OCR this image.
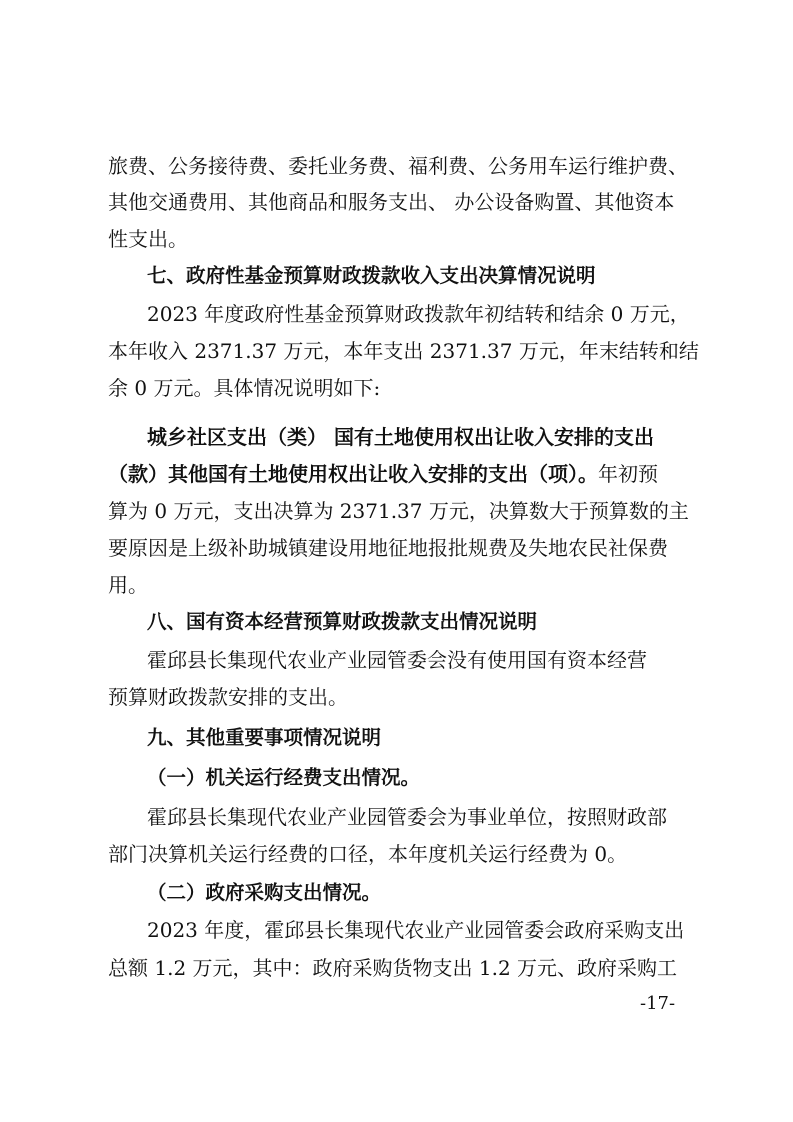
旅费、公务接待费、委托业务费、福利费、公务用车运行维护费、
其他交通费用、其他商品和服务支出、 办公设备购置、其他资本
性支出。
七、政府性基金预算财政拨款收入支出决算情况说明
2023 年度政府性基金预算财政拨款年初结转和结余 0 万元，
本年收入 2371.37 万元，本年支出 2371.37 万元，年末结转和结
余 0 万元。具体情况说明如下:
城乡社区支出（类） 国有土地使用权出让收入安排的支出
（款）其他国有土地使用权出让收入安排的支出（项）。年初预
算为 0 万元，支出决算为 2371.37 万元，决算数大于预算数的主
要原因是上级补助城镇建设用地征地报批规费及失地农民社保费
用。
八、国有资本经营预算财政拨款支出情况说明
霍邱县长集现代农业产业园管委会没有使用国有资本经营
预算财政拨款安排的支出。
九、其他重要事项情况说明
（一）机关运行经费支出情况。
霍邱县长集现代农业产业园管委会为事业单位，按照财政部
部门决算机关运行经费的口径，本年度机关运行经费为 0。
（二）政府采购支出情况。
2023 年度，霍邱县长集现代农业产业园管委会政府采购支出
总额 1.2 万元，其中：政府采购货物支出 1.2 万元、政府采购工
-17-
